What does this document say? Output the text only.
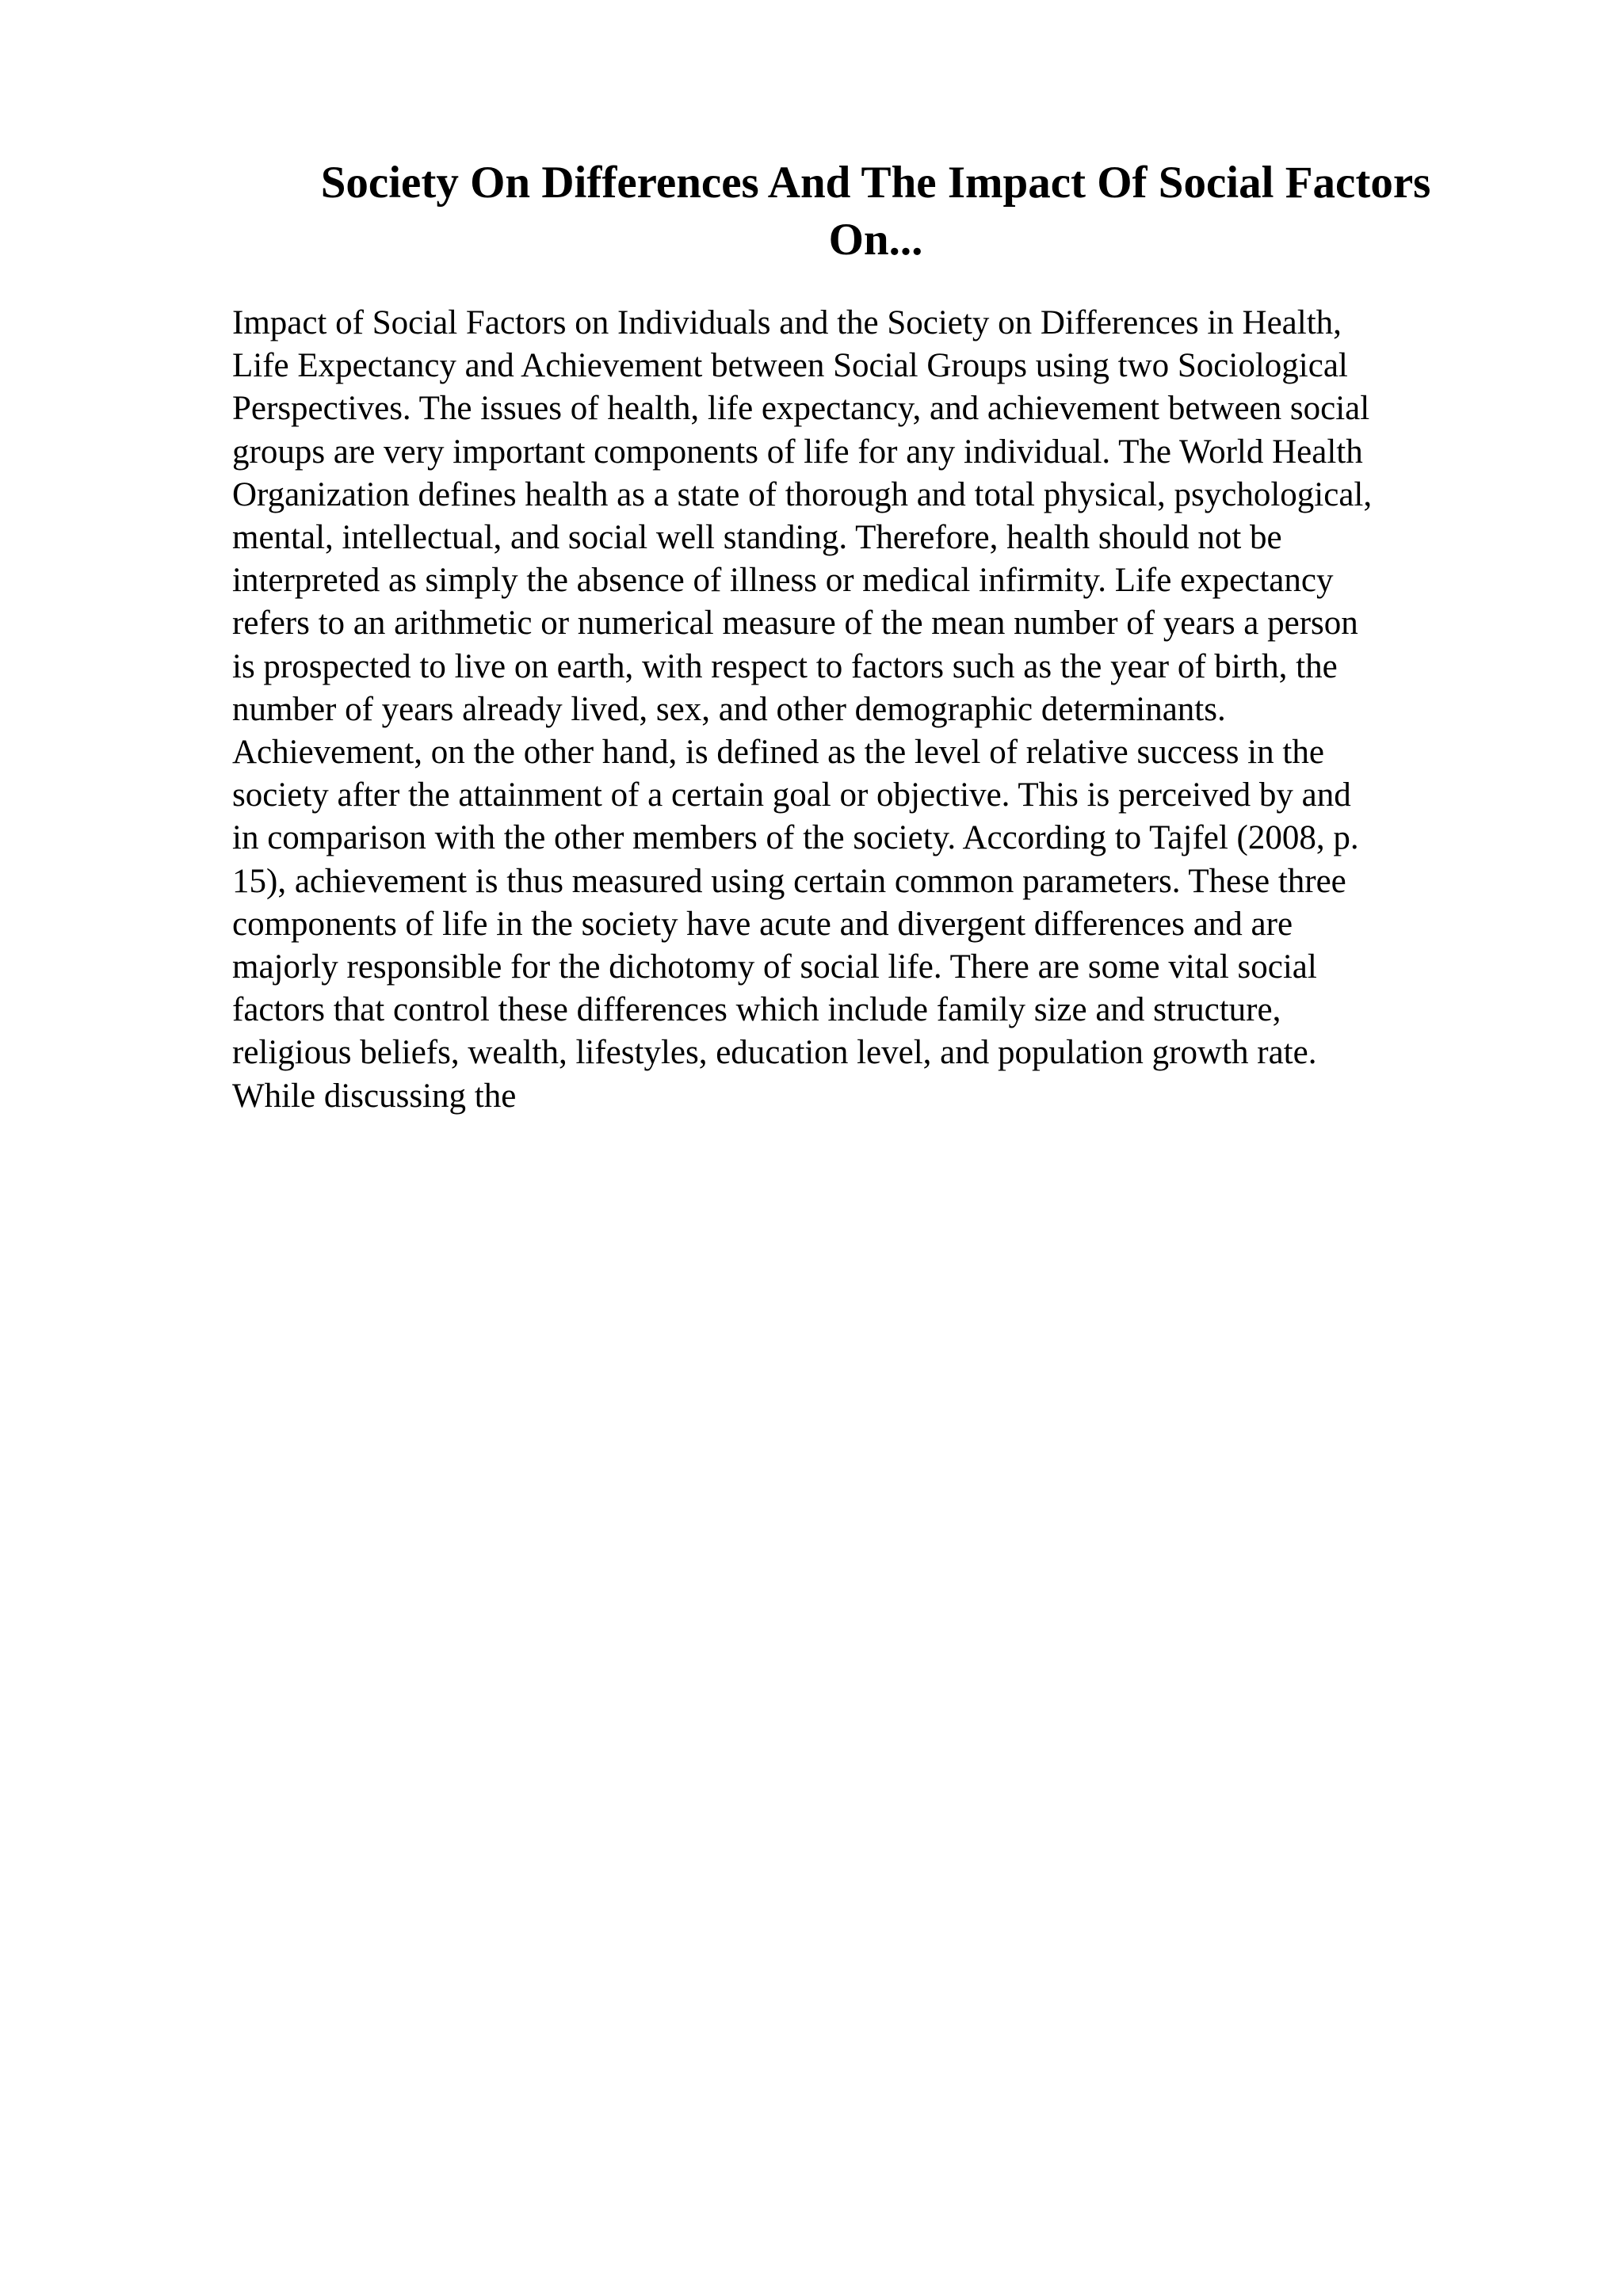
Society On Differences And The Impact Of Social Factors
On...
Impact of Social Factors on Individuals and the Society on Differences in Health,
Life Expectancy and Achievement between Social Groups using two Sociological
Perspectives. The issues of health, life expectancy, and achievement between social
groups are very important components of life for any individual. The World Health
Organization defines health as a state of thorough and total physical, psychological,
mental, intellectual, and social well standing. Therefore, health should not be
interpreted as simply the absence of illness or medical infirmity. Life expectancy
refers to an arithmetic or numerical measure of the mean number of years a person
is prospected to live on earth, with respect to factors such as the year of birth, the
number of years already lived, sex, and other demographic determinants.
Achievement, on the other hand, is defined as the level of relative success in the
society after the attainment of a certain goal or objective. This is perceived by and
in comparison with the other members of the society. According to Tajfel (2008, p.
15), achievement is thus measured using certain common parameters. These three
components of life in the society have acute and divergent differences and are
majorly responsible for the dichotomy of social life. There are some vital social
factors that control these differences which include family size and structure,
religious beliefs, wealth, lifestyles, education level, and population growth rate.
While discussing the
